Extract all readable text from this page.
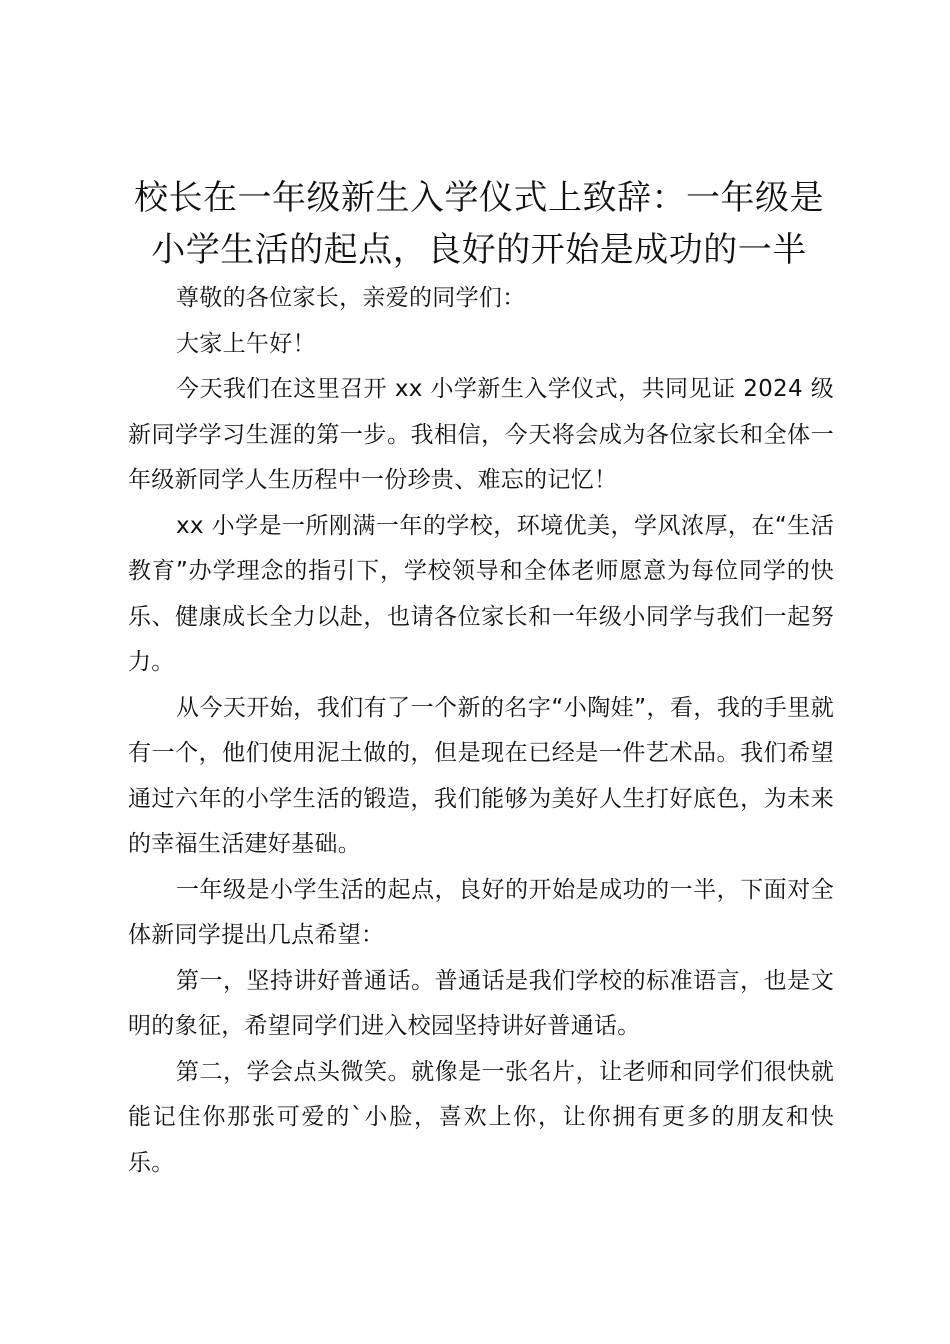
校长在一年级新生入学仪式上致辞：一年级是小学生活的起点，良好的开始是成功的一半

尊敬的各位家长，亲爱的同学们：

大家上午好！

今天我们在这里召开 xx 小学新生入学仪式，共同见证 2024 级新同学学习生涯的第一步。我相信，今天将会成为各位家长和全体一年级新同学人生历程中一份珍贵、难忘的记忆！

xx 小学是一所刚满一年的学校，环境优美，学风浓厚，在“生活教育”办学理念的指引下，学校领导和全体老师愿意为每位同学的快乐、健康成长全力以赴，也请各位家长和一年级小同学与我们一起努力。

从今天开始，我们有了一个新的名字“小陶娃”，看，我的手里就有一个，他们使用泥土做的，但是现在已经是一件艺术品。我们希望通过六年的小学生活的锻造，我们能够为美好人生打好底色，为未来的幸福生活建好基础。

一年级是小学生活的起点，良好的开始是成功的一半，下面对全体新同学提出几点希望：

第一，坚持讲好普通话。普通话是我们学校的标准语言，也是文明的象征，希望同学们进入校园坚持讲好普通话。

第二，学会点头微笑。就像是一张名片，让老师和同学们很快就能记住你那张可爱的`小脸，喜欢上你，让你拥有更多的朋友和快乐。
